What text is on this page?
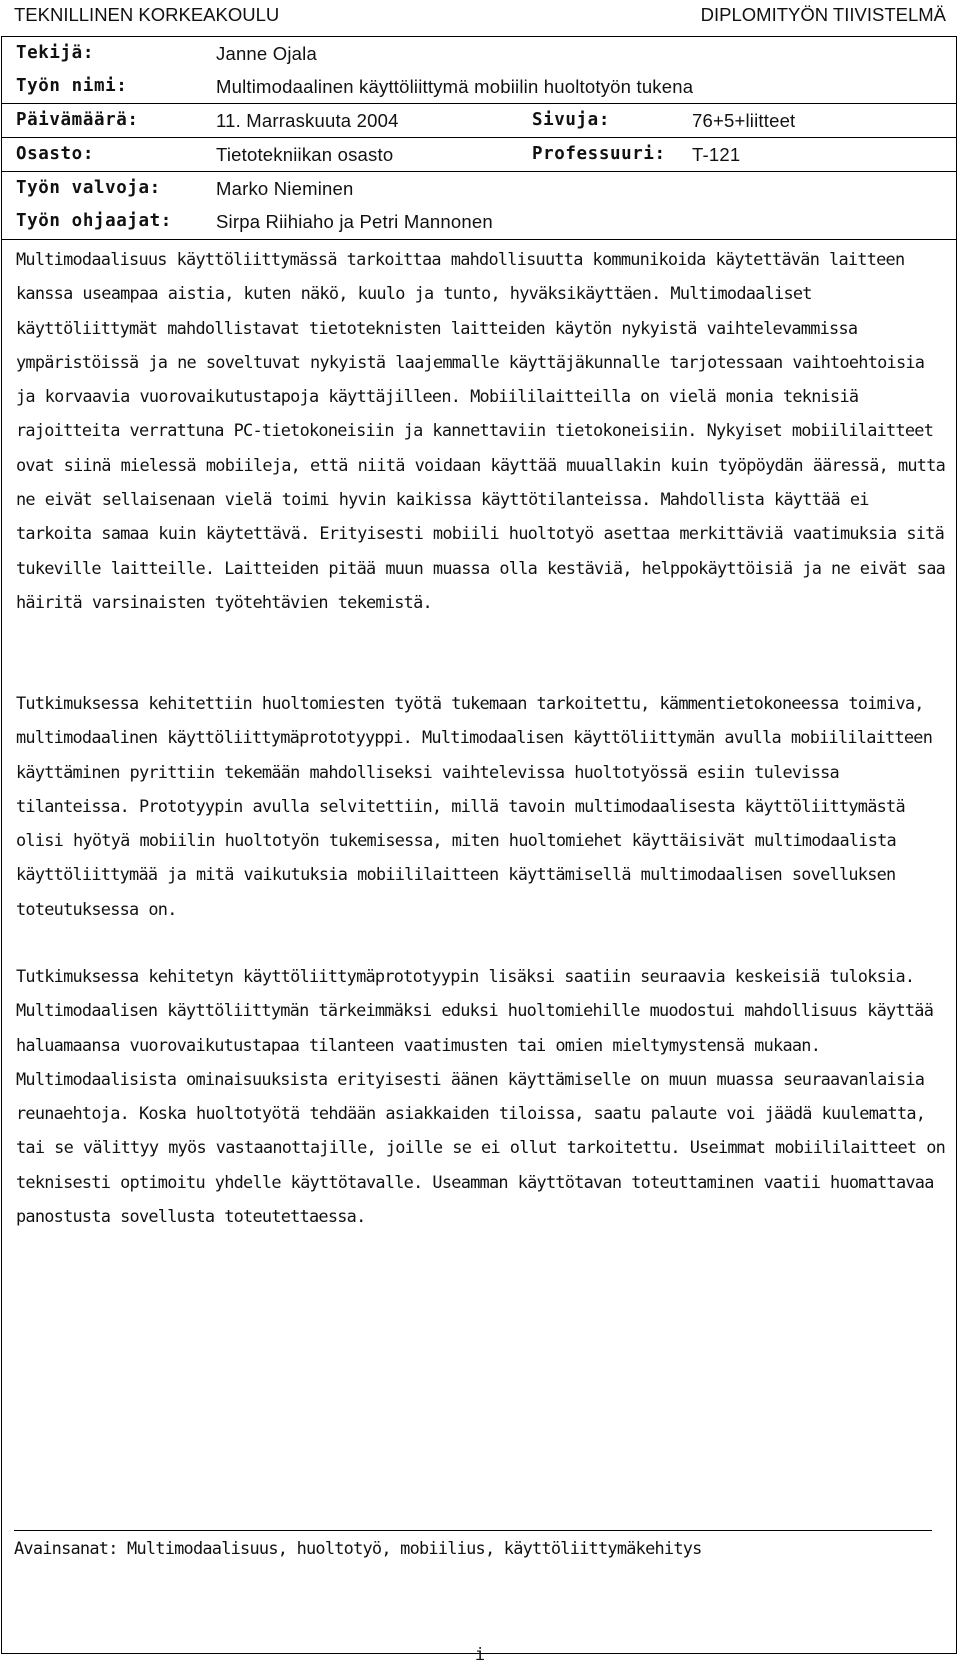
TEKNILLINEN KORKEAKOULU	DIPLOMITYÖN TIIVISTELMÄ
Tekijä:	Janne Ojala
Työn nimi:	Multimodaalinen käyttöliittymä mobiilin huoltotyön tukena
Päivämäärä:	11. Marraskuuta 2004	Sivuja:	76+5+liitteet
Osasto:	Tietotekniikan osasto	Professuuri: T-121
Työn valvoja:	Marko Nieminen
Työn ohjaajat: Sirpa Riihiaho ja Petri Mannonen

Multimodaalisuus käyttöliittymässä tarkoittaa mahdollisuutta kommunikoida käytettävän laitteen kanssa useampaa aistia, kuten näkö, kuulo ja tunto, hyväksikäyttäen. Multimodaaliset käyttöliittymät mahdollistavat tietoteknisten laitteiden käytön nykyistä vaihtelevammissa ympäristöissä ja ne soveltuvat nykyistä laajemmalle käyttäjäkunnalle tarjotessaan vaihtoehtoisia ja korvaavia vuorovaikutustapoja käyttäjilleen. Mobiililaitteilla on vielä monia teknisiä rajoitteita verrattuna PC-tietokoneisiin ja kannettaviin tietokoneisiin. Nykyiset mobiililaitteet ovat siinä mielessä mobiileja, että niitä voidaan käyttää muuallakin kuin työpöydän ääressä, mutta ne eivät sellaisenaan vielä toimi hyvin kaikissa käyttötilanteissa. Mahdollista käyttää ei tarkoita samaa kuin käytettävä. Erityisesti mobiili huoltotyö asettaa merkittäviä vaatimuksia sitä tukeville laitteille. Laitteiden pitää muun muassa olla kestäviä, helppokäyttöisiä ja ne eivät saa häiritä varsinaisten työtehtävien tekemistä.

Tutkimuksessa kehitettiin huoltomiesten työtä tukemaan tarkoitettu, kämmentietokoneessa toimiva, multimodaalinen käyttöliittymäprototyyppi. Multimodaalisen käyttöliittymän avulla mobiililaitteen käyttäminen pyrittiin tekemään mahdolliseksi vaihtelevissa huoltotyössä esiin tulevissa tilanteissa. Prototyypin avulla selvitettiin, millä tavoin multimodaalisesta käyttöliittymästä olisi hyötyä mobiilin huoltotyön tukemisessa, miten huoltomiehet käyttäisivät multimodaalista käyttöliittymää ja mitä vaikutuksia mobiililaitteen käyttämisellä multimodaalisen sovelluksen toteutuksessa on.

Tutkimuksessa kehitetyn käyttöliittymäprototyypin lisäksi saatiin seuraavia keskeisiä tuloksia. Multimodaalisen käyttöliittymän tärkeimmäksi eduksi huoltomiehille muodostui mahdollisuus käyttää haluamaansa vuorovaikutustapaa tilanteen vaatimusten tai omien mieltymystensä mukaan. Multimodaalisista ominaisuuksista erityisesti äänen käyttämiselle on muun muassa seuraavanlaisia reunaehtoja. Koska huoltotyötä tehdään asiakkaiden tiloissa, saatu palaute voi jäädä kuulematta, tai se välittyy myös vastaanottajille, joille se ei ollut tarkoitettu. Useimmat mobiililaitteet on teknisesti optimoitu yhdelle käyttötavalle. Useamman käyttötavan toteuttaminen vaatii huomattavaa panostusta sovellusta toteutettaessa.

Avainsanat: Multimodaalisuus, huoltotyö, mobiilius, käyttöliittymäkehitys
i
